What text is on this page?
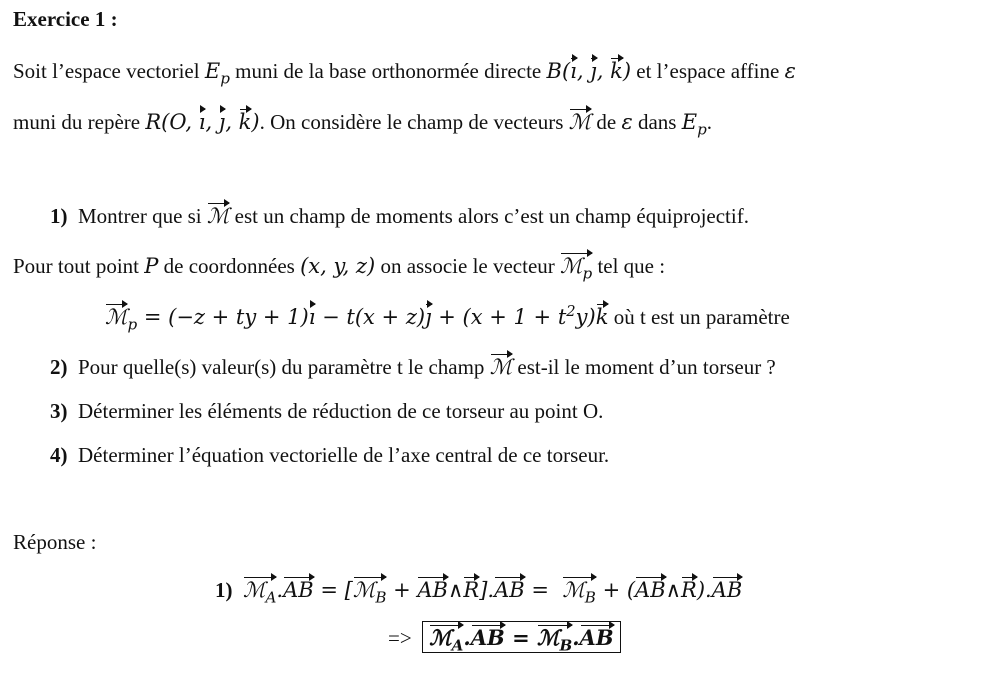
Exercice 1 :
Soit l’espace vectoriel $E_p$ muni de la base orthonormée directe B(ı, ȷ, k) et l’espace affine ε
muni du repère R(O, ı, ȷ, k). On considère le champ de vecteurs ℳ de ε dans $E_p$.
1) Montrer que si ℳ est un champ de moments alors c’est un champ équiprojectif.
Pour tout point P de coordonnées (x, y, z) on associe le vecteur ℳ$_p$ tel que :
ℳ$_p$ = (−z + ty + 1)ı − t(x + z)ȷ + $(x + 1 + t^2y)k$ où t est un paramètre
2) Pour quelle(s) valeur(s) du paramètre t le champ ℳ est-il le moment d’un torseur ?
3) Déterminer les éléments de réduction de ce torseur au point O.
4) Déterminer l’équation vectorielle de l’axe central de ce torseur.
Réponse :
1) ℳ$_A$.AB = [ℳ$_B$ + AB∧R].AB = ℳ$_B$ + (AB∧R).AB
=> ℳ$_A$.AB = ℳ$_B$.AB
